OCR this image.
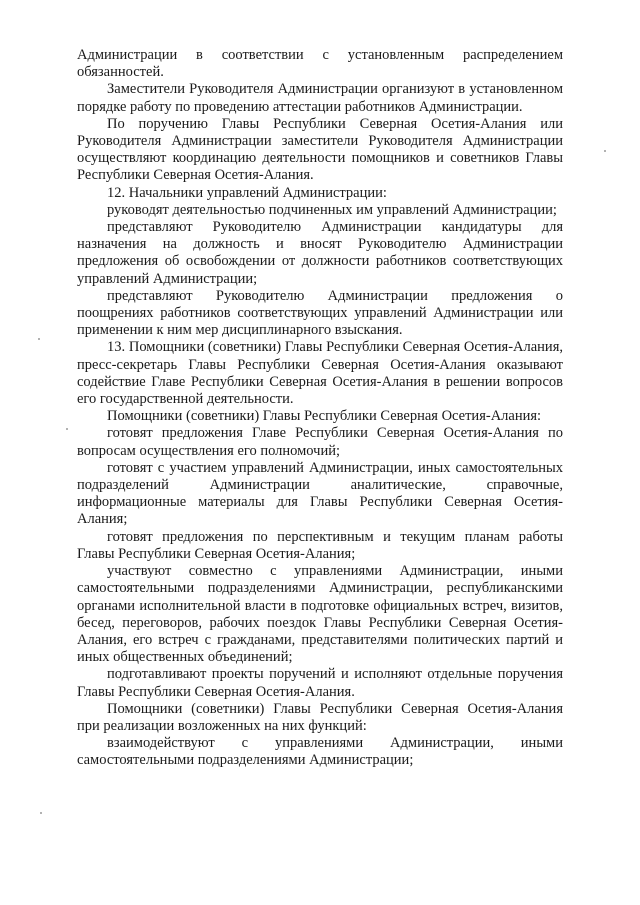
Администрации в соответствии с установленным распределением обязанностей.

Заместители Руководителя Администрации организуют в установленном порядке работу по проведению аттестации работников Администрации.

По поручению Главы Республики Северная Осетия-Алания или Руководителя Администрации заместители Руководителя Администрации осуществляют координацию деятельности помощников и советников Главы Республики Северная Осетия-Алания.

12. Начальники управлений Администрации:

руководят деятельностью подчиненных им управлений Администрации;

представляют Руководителю Администрации кандидатуры для назначения на должность и вносят Руководителю Администрации предложения об освобождении от должности работников соответствующих управлений Администрации;

представляют Руководителю Администрации предложения о поощрениях работников соответствующих управлений Администрации или применении к ним мер дисциплинарного взыскания.

13. Помощники (советники) Главы Республики Северная Осетия-Алания, пресс-секретарь Главы Республики Северная Осетия-Алания оказывают содействие Главе Республики Северная Осетия-Алания в решении вопросов его государственной деятельности.

Помощники (советники) Главы Республики Северная Осетия-Алания:

готовят предложения Главе Республики Северная Осетия-Алания по вопросам осуществления его полномочий;

готовят с участием управлений Администрации, иных самостоятельных подразделений Администрации аналитические, справочные, информационные материалы для Главы Республики Северная Осетия-Алания;

готовят предложения по перспективным и текущим планам работы Главы Республики Северная Осетия-Алания;

участвуют совместно с управлениями Администрации, иными самостоятельными подразделениями Администрации, республиканскими органами исполнительной власти в подготовке официальных встреч, визитов, бесед, переговоров, рабочих поездок Главы Республики Северная Осетия-Алания, его встреч с гражданами, представителями политических партий и иных общественных объединений;

подготавливают проекты поручений и исполняют отдельные поручения Главы Республики Северная Осетия-Алания.

Помощники (советники) Главы Республики Северная Осетия-Алания при реализации возложенных на них функций:

взаимодействуют с управлениями Администрации, иными самостоятельными подразделениями Администрации;
